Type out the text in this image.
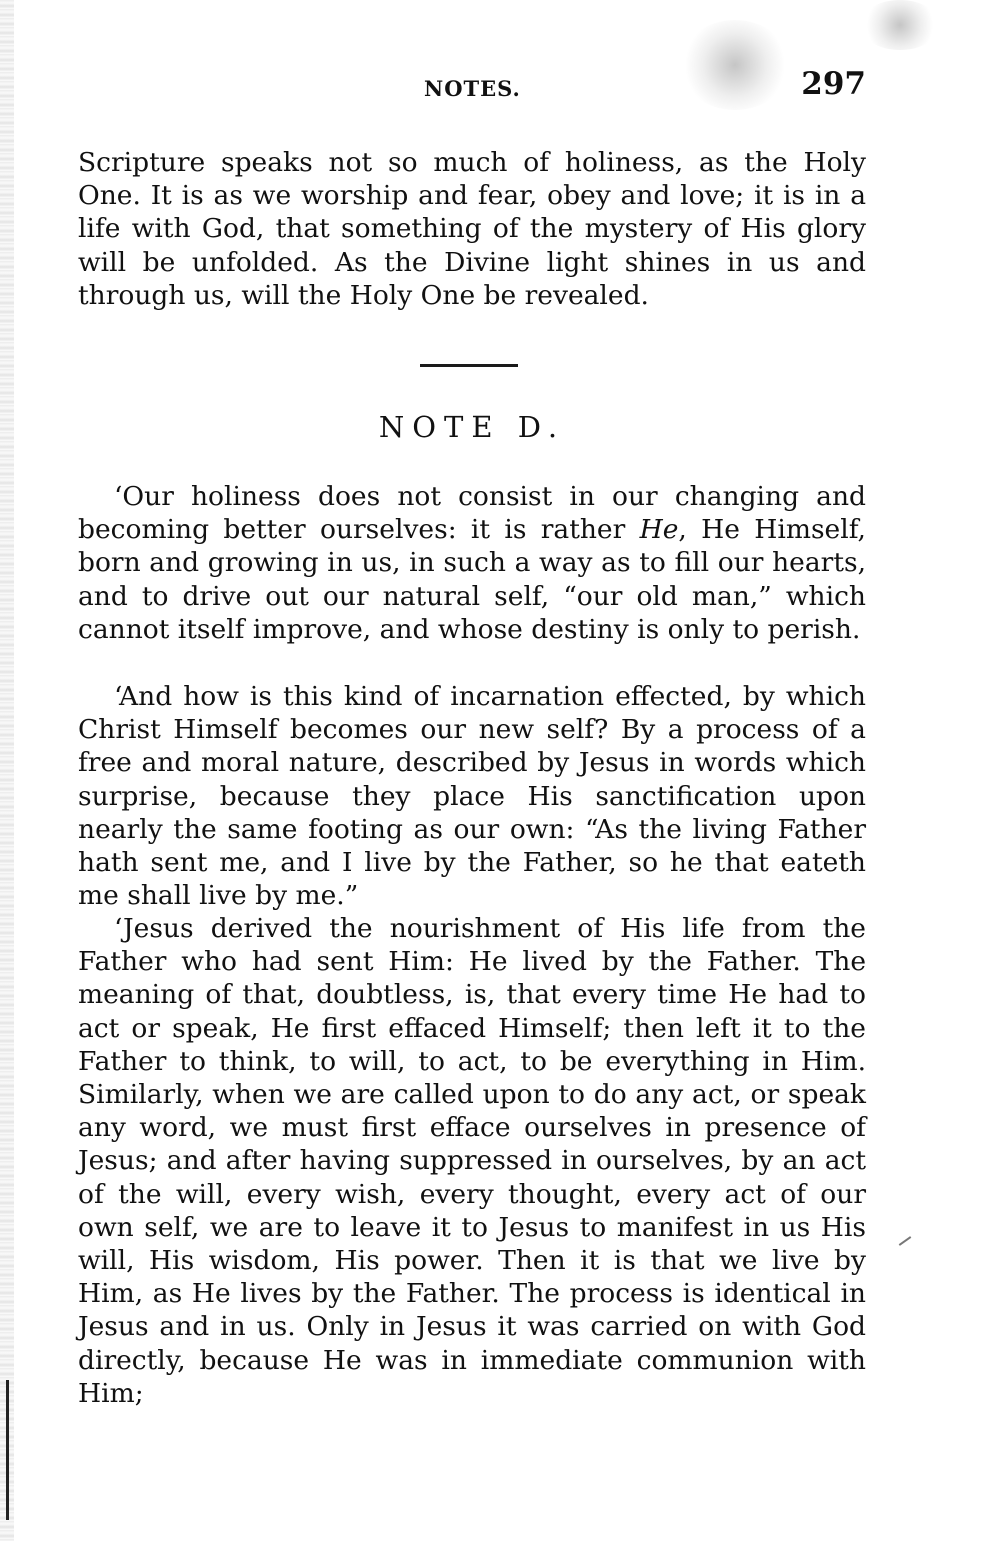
NOTES.	297

Scripture speaks not so much of holiness, as the Holy One. It is as we worship and fear, obey and love; it is in a life with God, that something of the mystery of His glory will be unfolded. As the Divine light shines in us and through us, will the Holy One be revealed.

NOTE D.

‘Our holiness does not consist in our changing and becoming better ourselves: it is rather He, He Himself, born and growing in us, in such a way as to fill our hearts, and to drive out our natural self, “our old man,” which cannot itself improve, and whose destiny is only to perish.

‘And how is this kind of incarnation effected, by which Christ Himself becomes our new self? By a process of a free and moral nature, described by Jesus in words which surprise, because they place His sanctification upon nearly the same footing as our own: “As the living Father hath sent me, and I live by the Father, so he that eateth me shall live by me.”

‘Jesus derived the nourishment of His life from the Father who had sent Him: He lived by the Father. The meaning of that, doubtless, is, that every time He had to act or speak, He first effaced Himself; then left it to the Father to think, to will, to act, to be everything in Him. Similarly, when we are called upon to do any act, or speak any word, we must first efface ourselves in presence of Jesus; and after having suppressed in ourselves, by an act of the will, every wish, every thought, every act of our own self, we are to leave it to Jesus to manifest in us His will, His wisdom, His power. Then it is that we live by Him, as He lives by the Father. The process is identical in Jesus and in us. Only in Jesus it was carried on with God directly, because He was in immediate communion with Him;
